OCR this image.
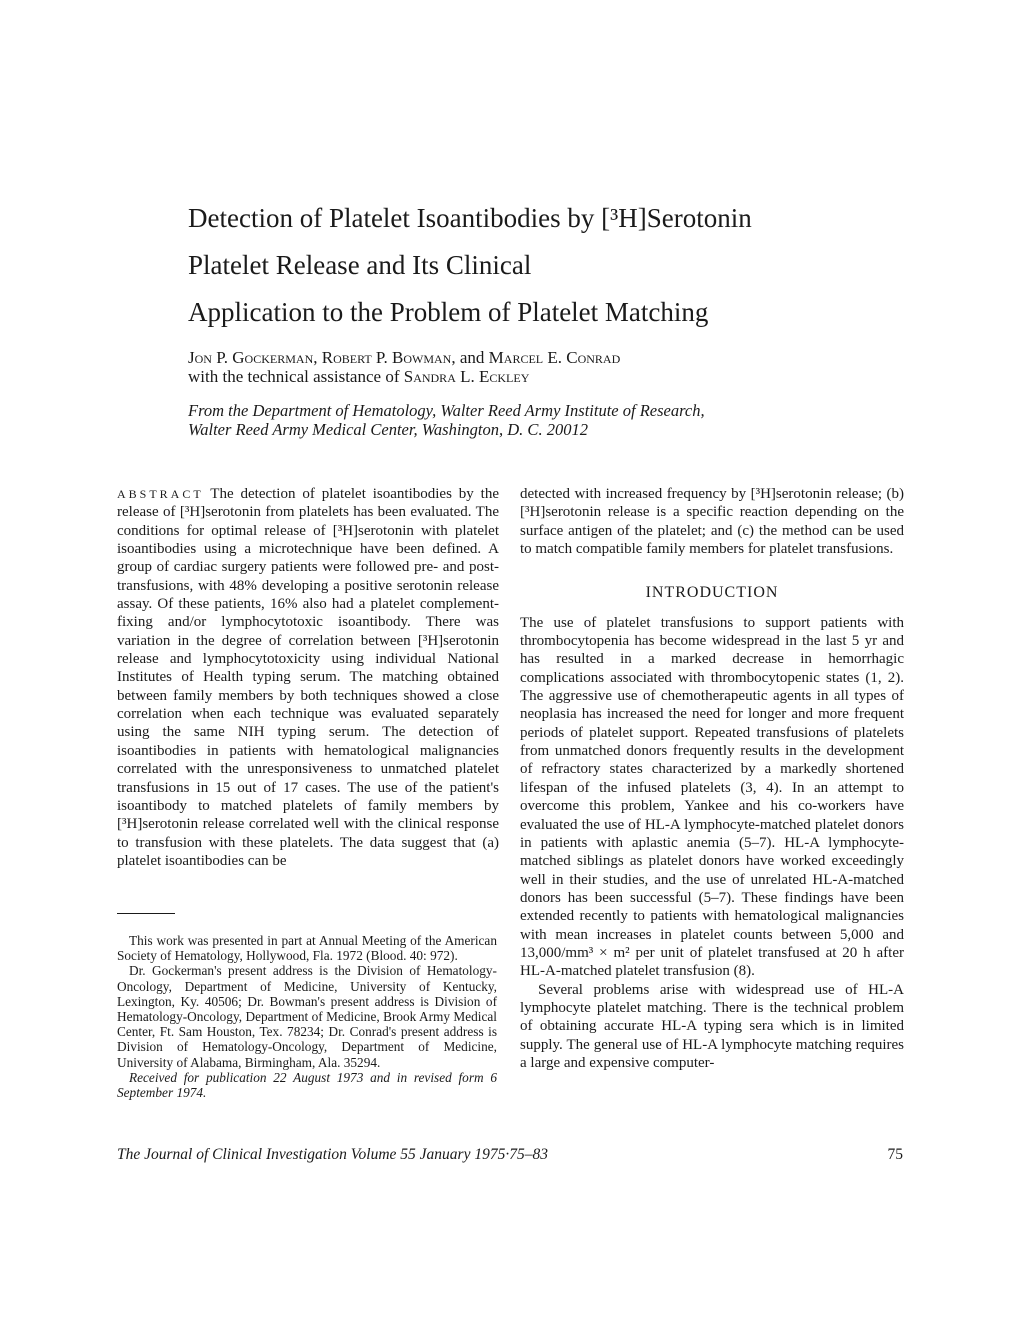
Detection of Platelet Isoantibodies by [³H]Serotonin

Platelet Release and Its Clinical

Application to the Problem of Platelet Matching

Jon P. Gockerman, Robert P. Bowman, and Marcel E. Conrad
with the technical assistance of Sandra L. Eckley
From the Department of Hematology, Walter Reed Army Institute of Research,
Walter Reed Army Medical Center, Washington, D. C. 20012

ABSTRACT The detection of platelet isoantibodies by the release of [³H]serotonin from platelets has been evaluated. The conditions for optimal release of [³H]serotonin with platelet isoantibodies using a microtechnique have been defined. A group of cardiac surgery patients were followed pre- and post-transfusions, with 48% developing a positive serotonin release assay. Of these patients, 16% also had a platelet complement-fixing and/or lymphocytotoxic isoantibody. There was variation in the degree of correlation between [³H]serotonin release and lymphocytotoxicity using individual National Institutes of Health typing serum. The matching obtained between family members by both techniques showed a close correlation when each technique was evaluated separately using the same NIH typing serum. The detection of isoantibodies in patients with hematological malignancies correlated with the unresponsiveness to unmatched platelet transfusions in 15 out of 17 cases. The use of the patient's isoantibody to matched platelets of family members by [³H]serotonin release correlated well with the clinical response to transfusion with these platelets. The data suggest that (a) platelet isoantibodies can be

This work was presented in part at Annual Meeting of the American Society of Hematology, Hollywood, Fla. 1972 (Blood. 40: 972).

Dr. Gockerman's present address is the Division of Hematology-Oncology, Department of Medicine, University of Kentucky, Lexington, Ky. 40506; Dr. Bowman's present address is Division of Hematology-Oncology, Department of Medicine, Brook Army Medical Center, Ft. Sam Houston, Tex. 78234; Dr. Conrad's present address is Division of Hematology-Oncology, Department of Medicine, University of Alabama, Birmingham, Ala. 35294.

Received for publication 22 August 1973 and in revised form 6 September 1974.

detected with increased frequency by [³H]serotonin release; (b) [³H]serotonin release is a specific reaction depending on the surface antigen of the platelet; and (c) the method can be used to match compatible family members for platelet transfusions.

INTRODUCTION

The use of platelet transfusions to support patients with thrombocytopenia has become widespread in the last 5 yr and has resulted in a marked decrease in hemorrhagic complications associated with thrombocytopenic states (1, 2). The aggressive use of chemotherapeutic agents in all types of neoplasia has increased the need for longer and more frequent periods of platelet support. Repeated transfusions of platelets from unmatched donors frequently results in the development of refractory states characterized by a markedly shortened lifespan of the infused platelets (3, 4). In an attempt to overcome this problem, Yankee and his co-workers have evaluated the use of HL-A lymphocyte-matched platelet donors in patients with aplastic anemia (5–7). HL-A lymphocyte-matched siblings as platelet donors have worked exceedingly well in their studies, and the use of unrelated HL-A-matched donors has been successful (5–7). These findings have been extended recently to patients with hematological malignancies with mean increases in platelet counts between 5,000 and 13,000/mm³ × m² per unit of platelet transfused at 20 h after HL-A-matched platelet transfusion (8).

Several problems arise with widespread use of HL-A lymphocyte platelet matching. There is the technical problem of obtaining accurate HL-A typing sera which is in limited supply. The general use of HL-A lymphocyte matching requires a large and expensive computer-

The Journal of Clinical Investigation Volume 55 January 1975·75–83	75
